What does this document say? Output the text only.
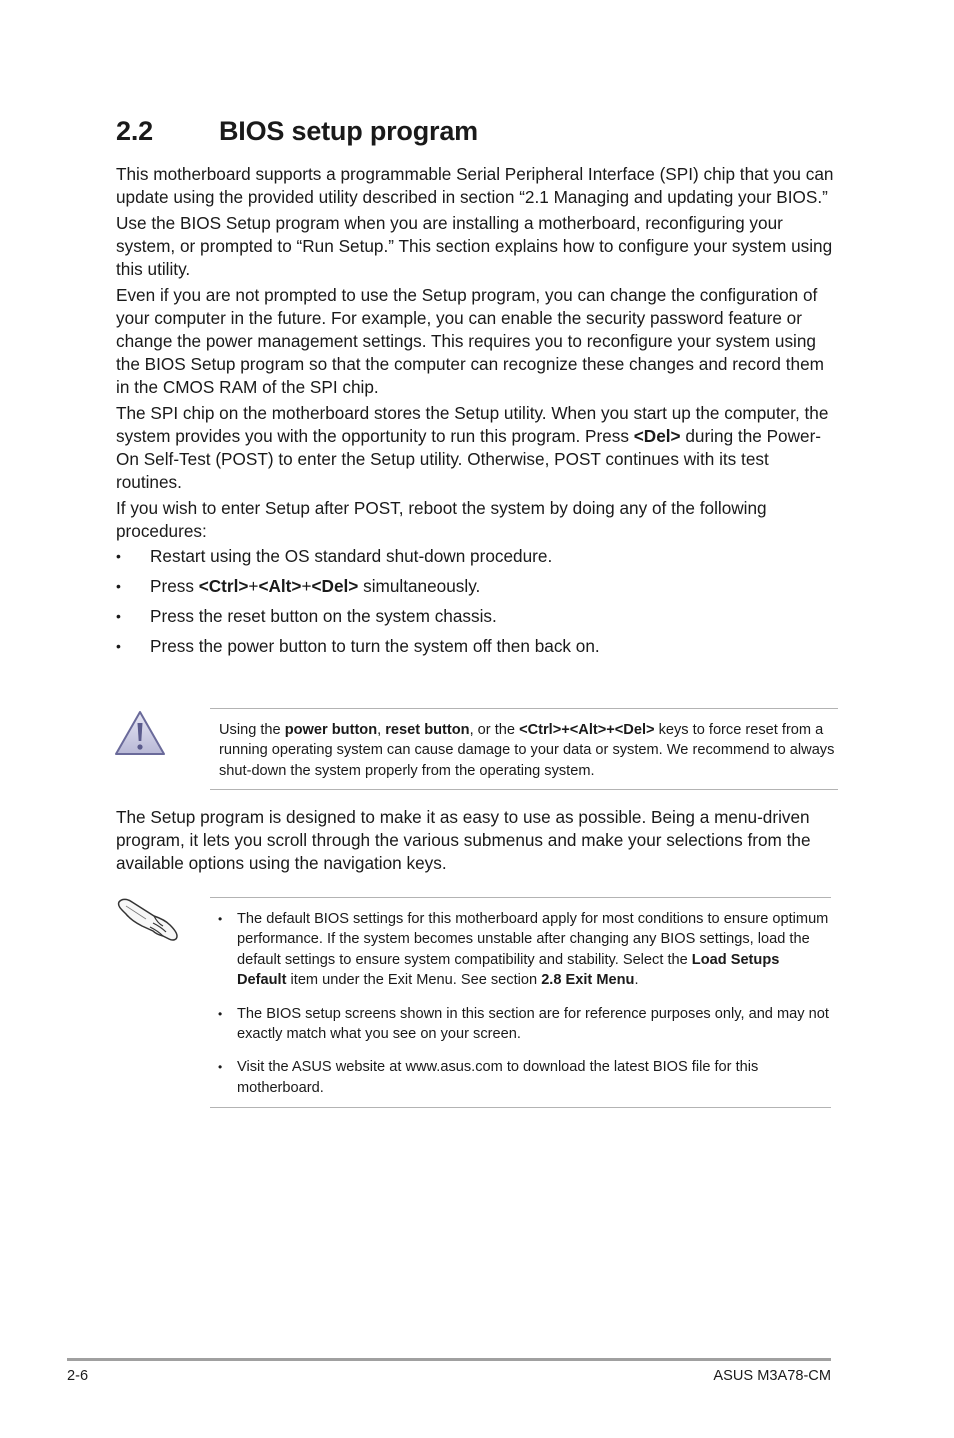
2.2 BIOS setup program

This motherboard supports a programmable Serial Peripheral Interface (SPI) chip that you can update using the provided utility described in section “2.1 Managing and updating your BIOS.”

Use the BIOS Setup program when you are installing a motherboard, reconfiguring your system, or prompted to “Run Setup.” This section explains how to configure your system using this utility.

Even if you are not prompted to use the Setup program, you can change the configuration of your computer in the future. For example, you can enable the security password feature or change the power management settings. This requires you to reconfigure your system using the BIOS Setup program so that the computer can recognize these changes and record them in the CMOS RAM of the SPI chip.

The SPI chip on the motherboard stores the Setup utility. When you start up the computer, the system provides you with the opportunity to run this program. Press <Del> during the Power-On Self-Test (POST) to enter the Setup utility. Otherwise, POST continues with its test routines.

If you wish to enter Setup after POST, reboot the system by doing any of the following procedures:

• Restart using the OS standard shut-down procedure.
• Press <Ctrl>+<Alt>+<Del> simultaneously.
• Press the reset button on the system chassis.
• Press the power button to turn the system off then back on.
Using the power button, reset button, or the <Ctrl>+<Alt>+<Del> keys to force reset from a running operating system can cause damage to your data or system. We recommend to always shut-down the system properly from the operating system.

The Setup program is designed to make it as easy to use as possible. Being a menu-driven program, it lets you scroll through the various submenus and make your selections from the available options using the navigation keys.

• The default BIOS settings for this motherboard apply for most conditions to ensure optimum performance. If the system becomes unstable after changing any BIOS settings, load the default settings to ensure system compatibility and stability. Select the Load Setups Default item under the Exit Menu. See section 2.8 Exit Menu.
• The BIOS setup screens shown in this section are for reference purposes only, and may not exactly match what you see on your screen.
• Visit the ASUS website at www.asus.com to download the latest BIOS file for this motherboard.
2-6	ASUS M3A78-CM
